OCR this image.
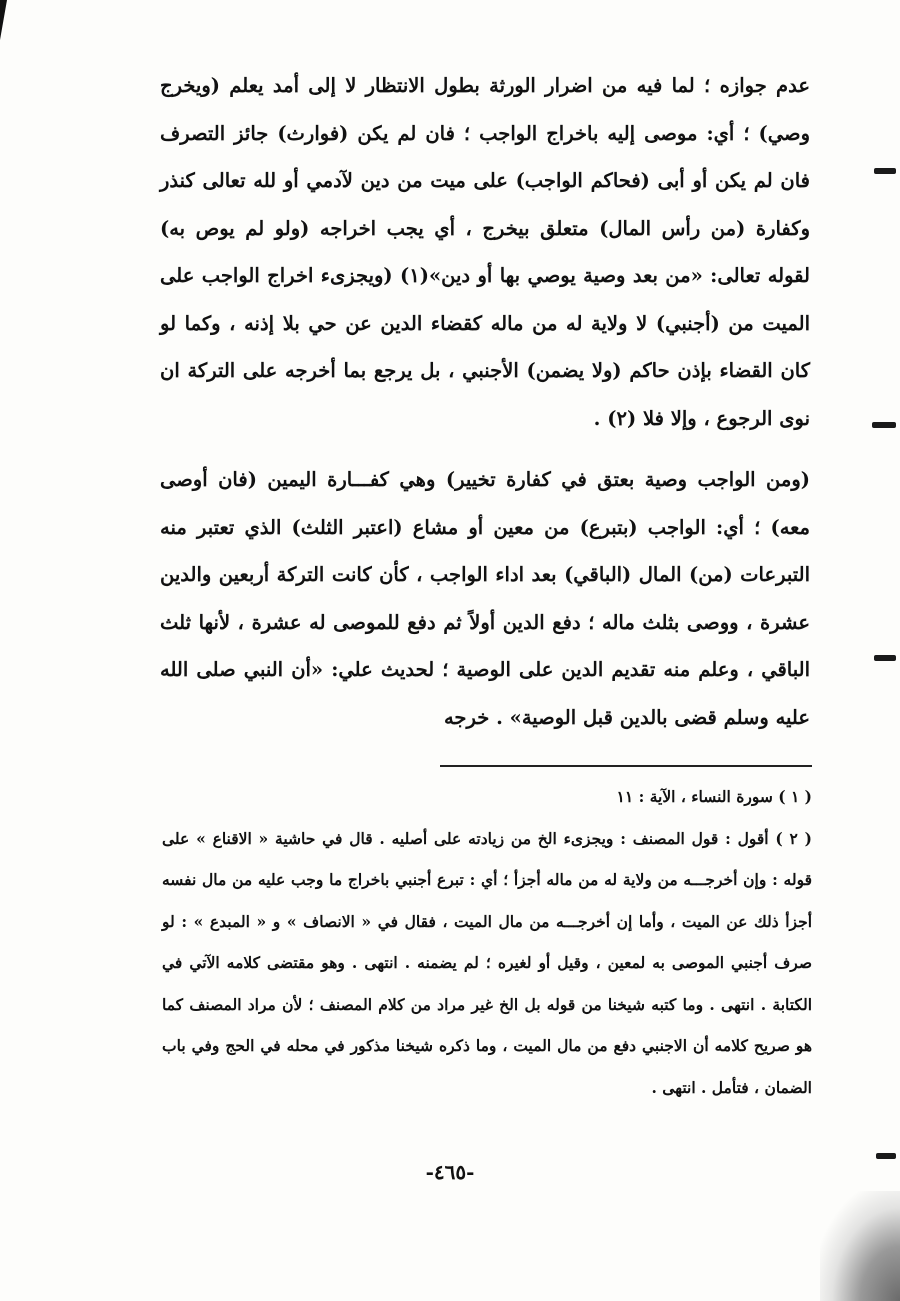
عدم جوازه ؛ لما فيه من اضرار الورثة بطول الانتظار لا إلى أمد يعلم (ويخرج وصي) ؛ أي: موصى إليه باخراج الواجب ؛ فان لم يكن (فوارث) جائز التصرف فان لم يكن أو أبى (فحاكم الواجب) على ميت من دين لآدمي أو لله تعالى كنذر وكفارة (من رأس المال) متعلق بيخرج ، أي يجب اخراجه (ولو لم يوص به) لقوله تعالى: «من بعد وصية يوصي بها أو دين»(١) (ويجزىء اخراج الواجب على الميت من (أجنبي) لا ولاية له من ماله كقضاء الدين عن حي بلا إذنه ، وكما لو كان القضاء بإذن حاكم (ولا يضمن) الأجنبي ، بل يرجع بما أخرجه على التركة ان نوى الرجوع ، وإلا فلا (٢) .

(ومن الواجب وصية بعتق في كفارة تخيير) وهي كفـــارة اليمين (فان أوصى معه) ؛ أي: الواجب (بتبرع) من معين أو مشاع (اعتبر الثلث) الذي تعتبر منه التبرعات (من) المال (الباقي) بعد اداء الواجب ، كأن كانت التركة أربعين والدين عشرة ، ووصى بثلث ماله ؛ دفع الدين أولاً ثم دفع للموصى له عشرة ، لأنها ثلث الباقي ، وعلم منه تقديم الدين على الوصية ؛ لحديث علي: «أن النبي صلى الله عليه وسلم قضى بالدين قبل الوصية» . خرجه

( ١ ) سورة النساء ، الآية : ١١

( ٢ ) أقول : قول المصنف : ويجزىء الخ من زيادته على أصليه . قال في حاشية « الاقناع » على قوله : وإن أخرجـــه من ولاية له من ماله أجزأ ؛ أي : تبرع أجنبي باخراج ما وجب عليه من مال نفسه أجزأ ذلك عن الميت ، وأما إن أخرجـــه من مال الميت ، فقال في « الانصاف » و « المبدع » : لو صرف أجنبي الموصى به لمعين ، وقيل أو لغيره ؛ لم يضمنه . انتهى . وهو مقتضى كلامه الآتي في الكتابة . انتهى . وما كتبه شيخنا من قوله بل الخ غير مراد من كلام المصنف ؛ لأن مراد المصنف كما هو صريح كلامه أن الاجنبي دفع من مال الميت ، وما ذكره شيخنا مذكور في محله في الحج وفي باب الضمان ، فتأمل . انتهى .

-٤٦٥-
